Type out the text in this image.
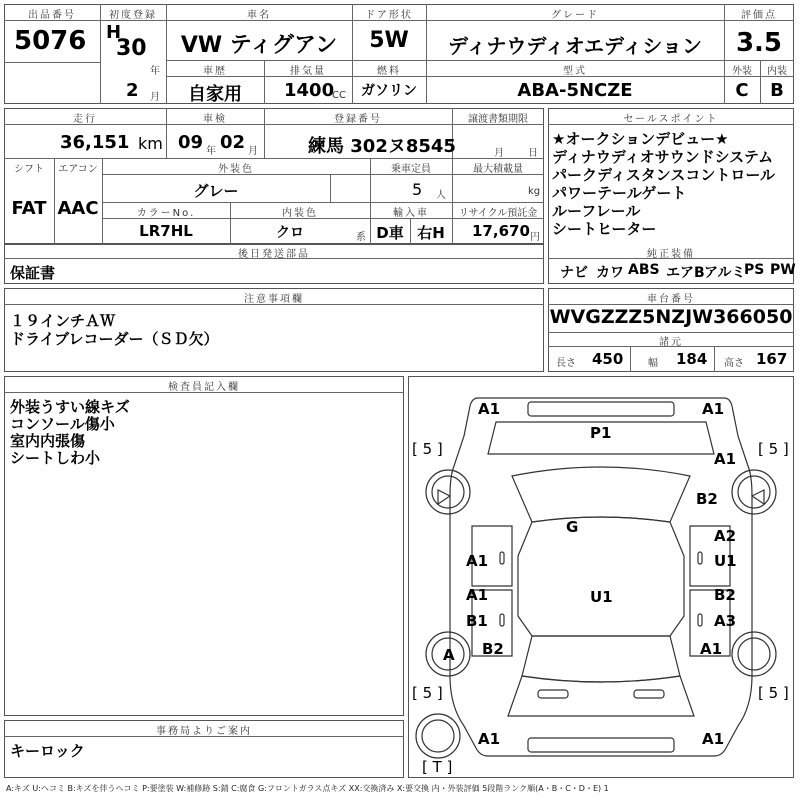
出品番号
5076
初度登録
H
30
年
2 月
車名
VW ティグアン
ドア形状
5W
グレード
ディナウディオエディション
評価点
3.5
車歴
自家用
排気量
1400
CC
燃料
ガソリン
型式
ABA-5NCZE
外装
C
内装
B
走行
36,151 km
車検
09 年 02 月
登録番号
練馬 302ヌ8545
譲渡書類期限
月 日
シフト
FAT
エアコン
AAC
外装色
グレー
乗車定員
5 人
最大積載量
kg
カラーNo.
LR7HL
内装色
クロ	系
輸入車
D車 右H
リサイクル預託金
17,670 円
後日発送部品
保証書
セールスポイント
★オークションデビュー★
ディナウディオサウンドシステム
パークディスタンスコントロール
パワーテールゲート
ルーフレール
シートヒーター
純正装備
ナビ カワ ABS エアB アルミ
PS PW
注意事項欄
１９インチＡＷ
ドライブレコーダー（ＳＤ欠）
車台番号
WVGZZZ5NZJW366050
諸元
長さ 450 幅 184 高さ 167
検査員記入欄
外装うすい線キズ
コンソール傷小
室内内張傷
シートしわ小
事務局よりご案内
キーロック
A1	A1
P1
A1
B2
G	A2
A1	U1
A1	U1	B2
B1	A3
A B2	A1
A1	A1
[ 5 ]	[ 5 ]
[ 5 ]	[ 5 ]
[ T ]
A:キズ U:ヘコミ B:キズを伴うヘコミ P:要塗装 W:補修跡 S:錆 C:腐食 G:フロントガラス点キズ XX:交換済み X:要交換 内・外装評価 5段階ランク順(A・B・C・D・E) 1
